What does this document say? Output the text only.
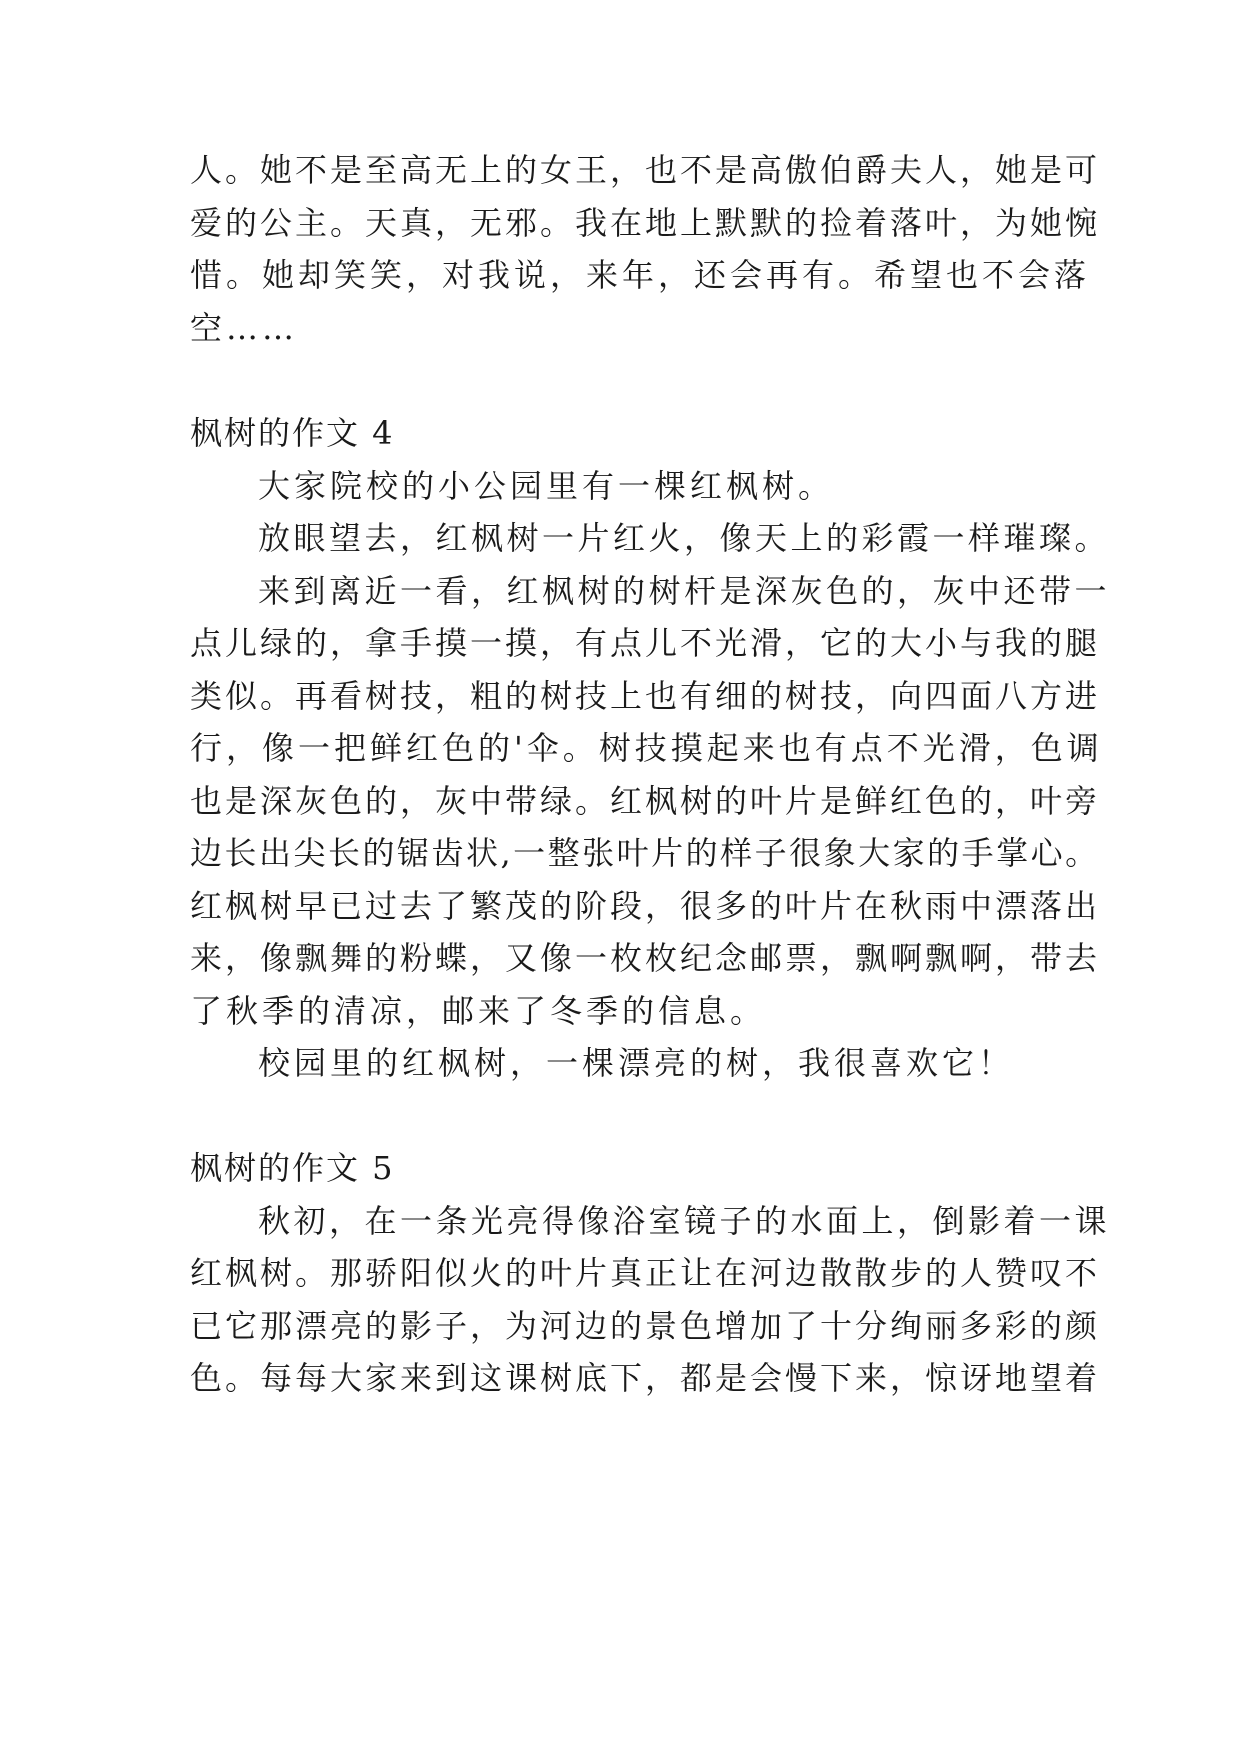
人。她不是至高无上的女王，也不是高傲伯爵夫人，她是可
爱的公主。天真，无邪。我在地上默默的捡着落叶，为她惋
惜。她却笑笑，对我说，来年，还会再有。希望也不会落
空……
枫树的作文 4
大家院校的小公园里有一棵红枫树。
放眼望去，红枫树一片红火，像天上的彩霞一样璀璨。
来到离近一看，红枫树的树杆是深灰色的，灰中还带一
点儿绿的，拿手摸一摸，有点儿不光滑，它的大小与我的腿
类似。再看树技，粗的树技上也有细的树技，向四面八方进
行，像一把鲜红色的'伞。树技摸起来也有点不光滑，色调
也是深灰色的，灰中带绿。红枫树的叶片是鲜红色的，叶旁
边长出尖长的锯齿状,一整张叶片的样子很象大家的手掌心。
红枫树早已过去了繁茂的阶段，很多的叶片在秋雨中漂落出
来，像飘舞的粉蝶，又像一枚枚纪念邮票，飘啊飘啊，带去
了秋季的清凉，邮来了冬季的信息。
校园里的红枫树，一棵漂亮的树，我很喜欢它！
枫树的作文 5
秋初，在一条光亮得像浴室镜子的水面上，倒影着一课
红枫树。那骄阳似火的叶片真正让在河边散散步的人赞叹不
已它那漂亮的影子，为河边的景色增加了十分绚丽多彩的颜
色。每每大家来到这课树底下，都是会慢下来，惊讶地望着
